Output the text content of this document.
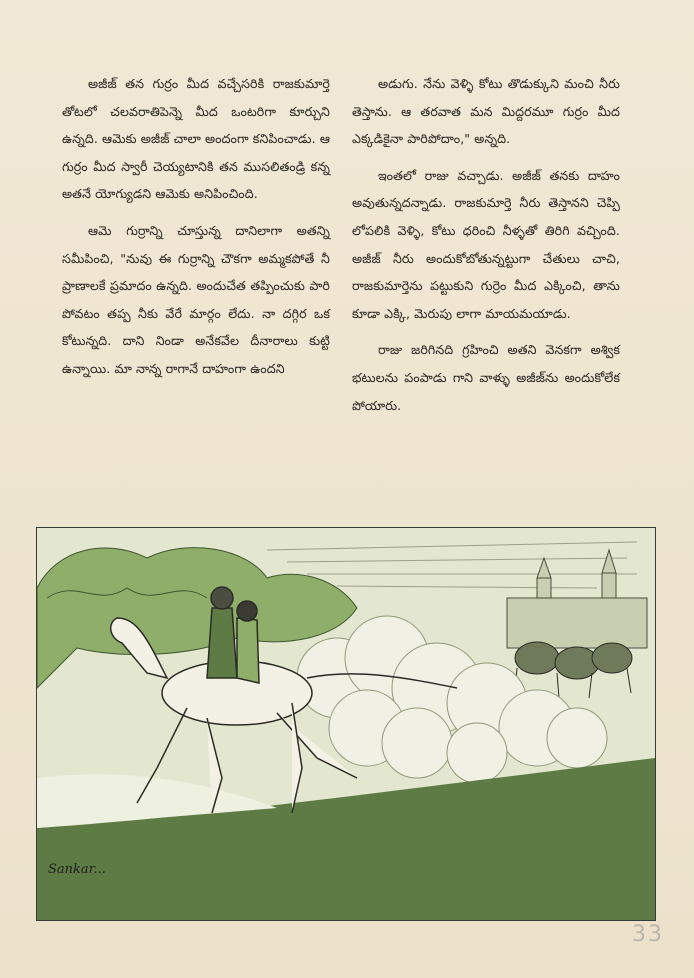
అజీజ్ తన గుర్రం మీద వచ్చేసరికి రాజకుమార్తె తోటలో చలవరాతిపెన్నె మీద ఒంటరిగా కూర్చుని ఉన్నది. ఆమెకు అజీజ్ చాలా అందంగా కనిపించాడు. ఆ గుర్రం మీద స్వారీ చెయ్యటానికి తన ముసలితండ్రి కన్న అతనే యోగ్యుడని ఆమెకు అనిపించింది.

ఆమె గుర్రాన్ని చూస్తున్న దానిలాగా అతన్ని సమీపించి, "నువు ఈ గుర్రాన్ని చౌకగా అమ్మకపోతే నీ ప్రాణాలకే ప్రమాదం ఉన్నది. అందుచేత తప్పించుకు పారి పోవటం తప్ప నీకు వేరే మార్గం లేదు. నా దగ్గిర ఒక కోటున్నది. దాని నిండా అనేకవేల దీనారాలు కుట్టి ఉన్నాయి. మా నాన్న రాగానే దాహంగా ఉందని

అడుగు. నేను వెళ్ళి కోటు తొడుక్కుని మంచి నీరు తెస్తాను. ఆ తరవాత మన మిద్దరమూ గుర్రం మీద ఎక్కడికైనా పారిపోదాం," అన్నది.

ఇంతలో రాజు వచ్చాడు. అజీజ్ తనకు దాహం అవుతున్నదన్నాడు. రాజకుమార్తె నీరు తెస్తానని చెప్పి లోపలికి వెళ్ళి, కోటు ధరించి నీళ్ళతో తిరిగి వచ్చింది. అజీజ్ నీరు అందుకోబోతున్నట్టుగా చేతులు చాచి, రాజకుమార్తెను పట్టుకుని గుర్రెం మీద ఎక్కించి, తాను కూడా ఎక్కి, మెరుపు లాగా మాయమయాడు.

రాజు జరిగినది గ్రహించి అతని వెనకగా అశ్విక భటులను పంపాడు గాని వాళ్ళు అజీజ్‌ను అందుకోలేక పోయారు.

Sankar...
33
